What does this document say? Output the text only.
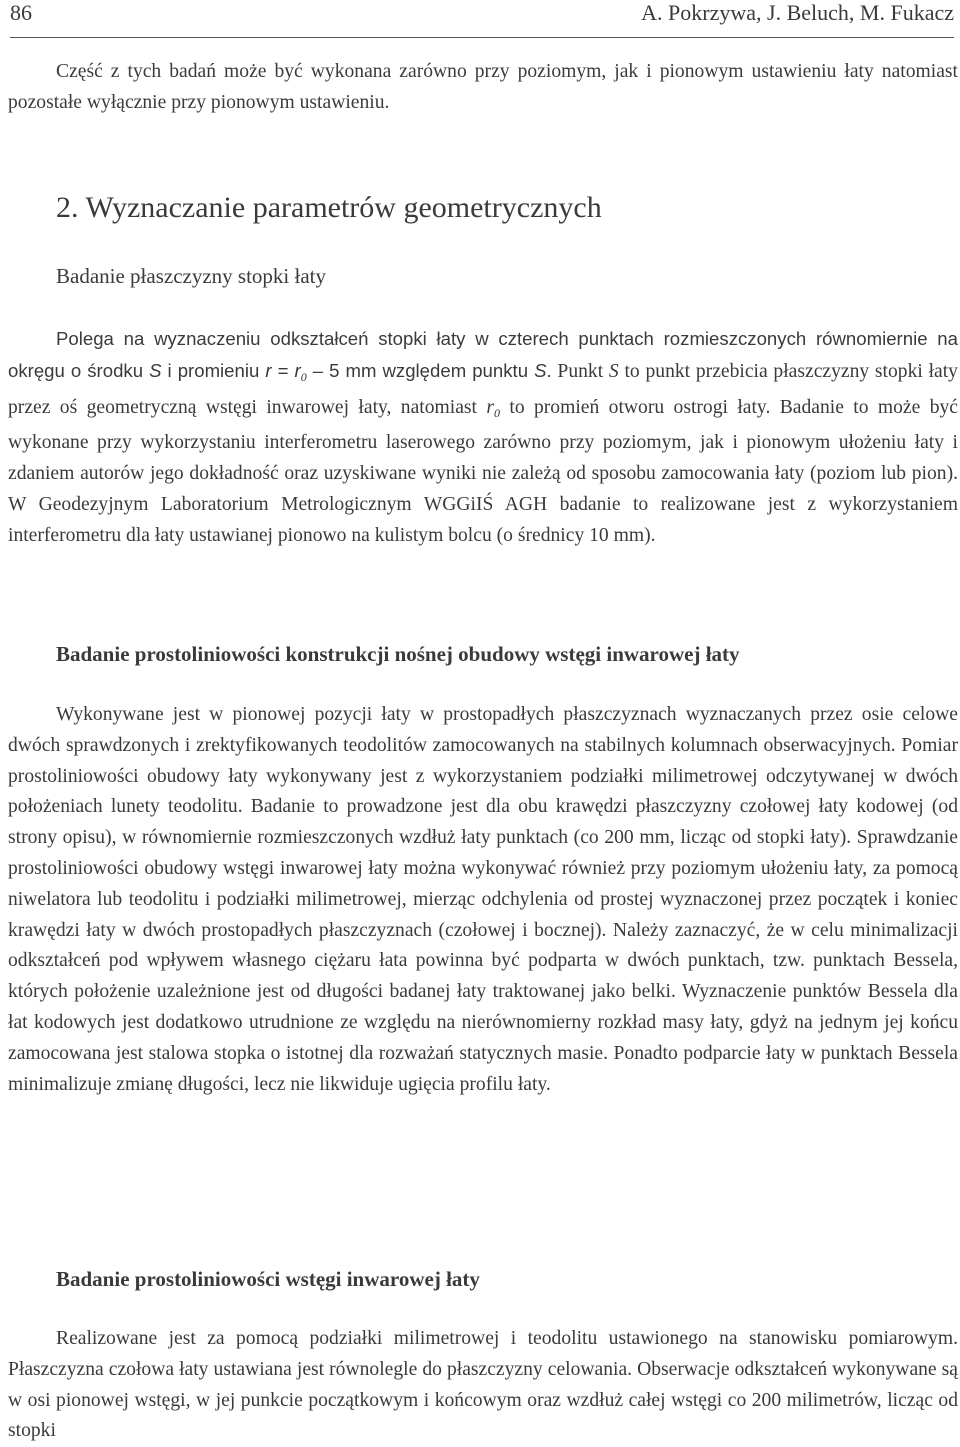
86	A. Pokrzywa, J. Beluch, M. Fukacz

Część z tych badań może być wykonana zarówno przy poziomym, jak i pionowym ustawieniu łaty natomiast pozostałe wyłącznie przy pionowym ustawieniu.

2. Wyznaczanie parametrów geometrycznych
Badanie płaszczyzny stopki łaty

Polega na wyznaczeniu odkształceń stopki łaty w czterech punktach rozmieszczonych równomiernie na okręgu o środku S i promieniu $r = r_0 - 5$ mm względem punktu S. Punkt S to punkt przebicia płaszczyzny stopki łaty przez oś geometryczną wstęgi inwarowej łaty, natomiast $r_0$ to promień otworu ostrogi łaty. Badanie to może być wykonane przy wykorzystaniu interferometru laserowego zarówno przy poziomym, jak i pionowym ułożeniu łaty i zdaniem autorów jego dokładność oraz uzyskiwane wyniki nie zależą od sposobu zamocowania łaty (poziom lub pion). W Geodezyjnym Laboratorium Metrologicznym WGGiIŚ AGH badanie to realizowane jest z wykorzystaniem interferometru dla łaty ustawianej pionowo na kulistym bolcu (o średnicy 10 mm).

Badanie prostoliniowości konstrukcji nośnej obudowy wstęgi inwarowej łaty

Wykonywane jest w pionowej pozycji łaty w prostopadłych płaszczyznach wyznaczanych przez osie celowe dwóch sprawdzonych i zrektyfikowanych teodolitów zamocowanych na stabilnych kolumnach obserwacyjnych. Pomiar prostoliniowości obudowy łaty wykonywany jest z wykorzystaniem podziałki milimetrowej odczytywanej w dwóch położeniach lunety teodolitu. Badanie to prowadzone jest dla obu krawędzi płaszczyzny czołowej łaty kodowej (od strony opisu), w równomiernie rozmieszczonych wzdłuż łaty punktach (co 200 mm, licząc od stopki łaty). Sprawdzanie prostoliniowości obudowy wstęgi inwarowej łaty można wykonywać również przy poziomym ułożeniu łaty, za pomocą niwelatora lub teodolitu i podziałki milimetrowej, mierząc odchylenia od prostej wyznaczonej przez początek i koniec krawędzi łaty w dwóch prostopadłych płaszczyznach (czołowej i bocznej). Należy zaznaczyć, że w celu minimalizacji odkształceń pod wpływem własnego ciężaru łata powinna być podparta w dwóch punktach, tzw. punktach Bessela, których położenie uzależnione jest od długości badanej łaty traktowanej jako belki. Wyznaczenie punktów Bessela dla łat kodowych jest dodatkowo utrudnione ze względu na nierównomierny rozkład masy łaty, gdyż na jednym jej końcu zamocowana jest stalowa stopka o istotnej dla rozważań statycznych masie. Ponadto podparcie łaty w punktach Bessela minimalizuje zmianę długości, lecz nie likwiduje ugięcia profilu łaty.

Badanie prostoliniowości wstęgi inwarowej łaty

Realizowane jest za pomocą podziałki milimetrowej i teodolitu ustawionego na stanowisku pomiarowym. Płaszczyzna czołowa łaty ustawiana jest równolegle do płaszczyzny celowania. Obserwacje odkształceń wykonywane są w osi pionowej wstęgi, w jej punkcie początkowym i końcowym oraz wzdłuż całej wstęgi co 200 milimetrów, licząc od stopki
